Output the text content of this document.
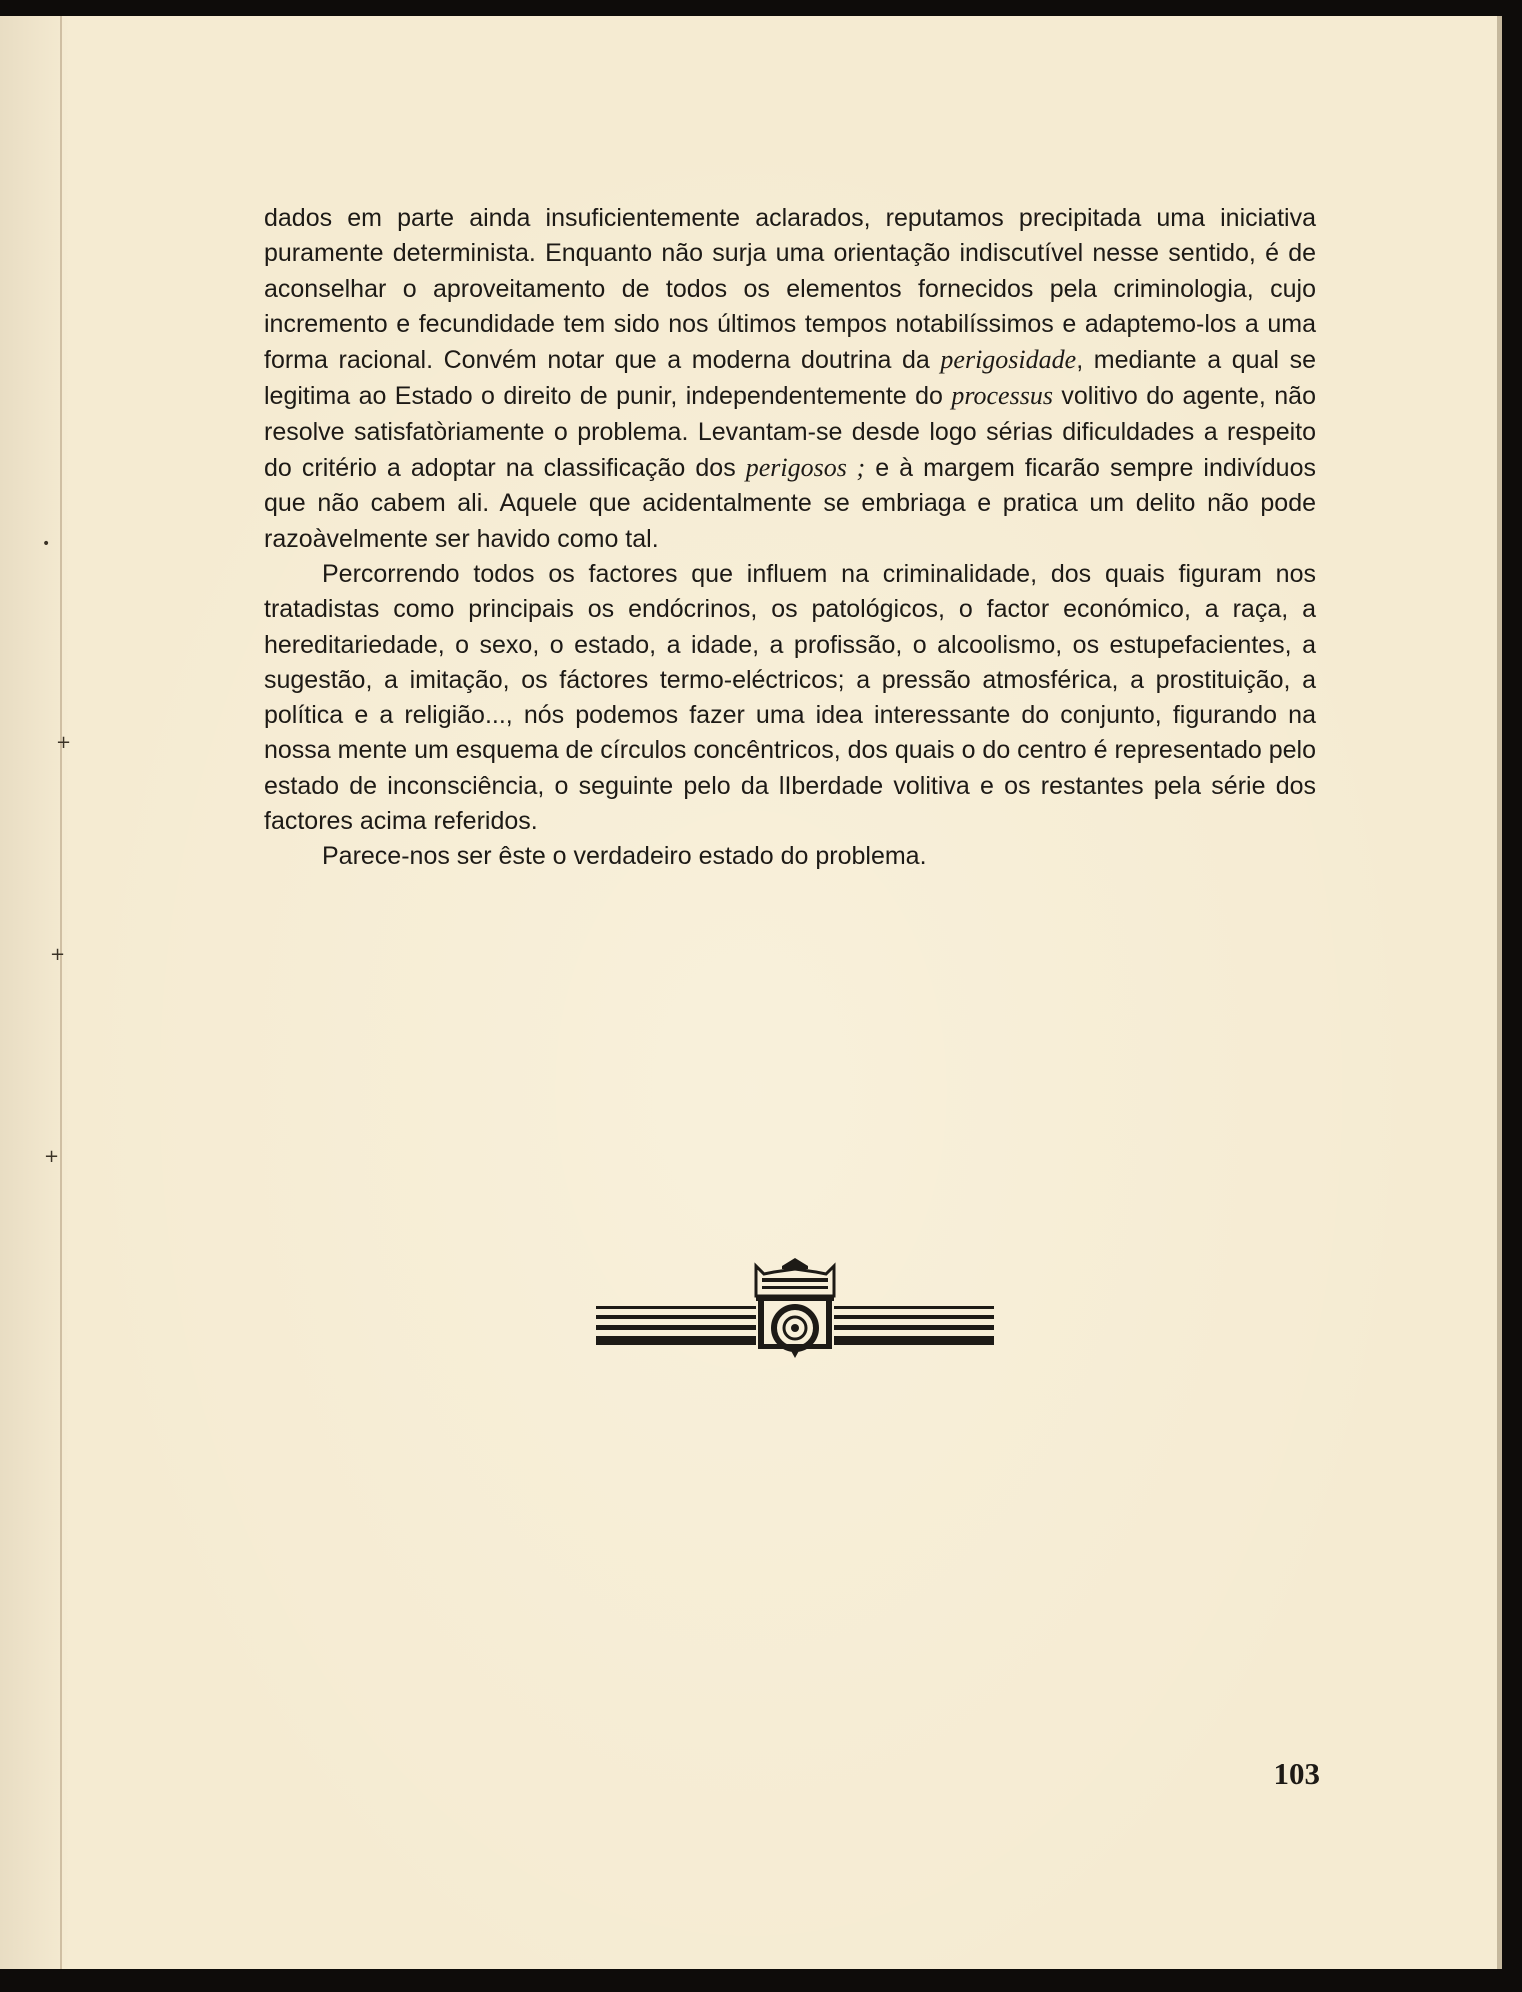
•
+
+
+

dados em parte ainda insuficientemente aclarados, reputamos precipitada uma iniciativa puramente determinista. Enquanto não surja uma orientação indiscutível nesse sentido, é de aconselhar o aproveitamento de todos os elementos fornecidos pela criminologia, cujo incremento e fecundidade tem sido nos últimos tempos notabilíssimos e adaptemo-los a uma forma racional. Convém notar que a moderna doutrina da perigosidade, mediante a qual se legitima ao Estado o direito de punir, independentemente do processus volitivo do agente, não resolve satisfatòriamente o problema. Levantam-se desde logo sérias dificuldades a respeito do critério a adoptar na classificação dos perigosos ; e à margem ficarão sempre indivíduos que não cabem ali. Aquele que acidentalmente se embriaga e pratica um delito não pode razoàvelmente ser havido como tal.

Percorrendo todos os factores que influem na criminalidade, dos quais figuram nos tratadistas como principais os endócrinos, os patológicos, o factor económico, a raça, a hereditariedade, o sexo, o estado, a idade, a profissão, o alcoolismo, os estupefacientes, a sugestão, a imitação, os fáctores termo-eléctricos; a pressão atmosférica, a prostituição, a política e a religião..., nós podemos fazer uma idea interessante do conjunto, figurando na nossa mente um esquema de círculos concêntricos, dos quais o do centro é representado pelo estado de inconsciência, o seguinte pelo da lIberdade volitiva e os restantes pela série dos factores acima referidos.

Parece-nos ser êste o verdadeiro estado do problema.

103
